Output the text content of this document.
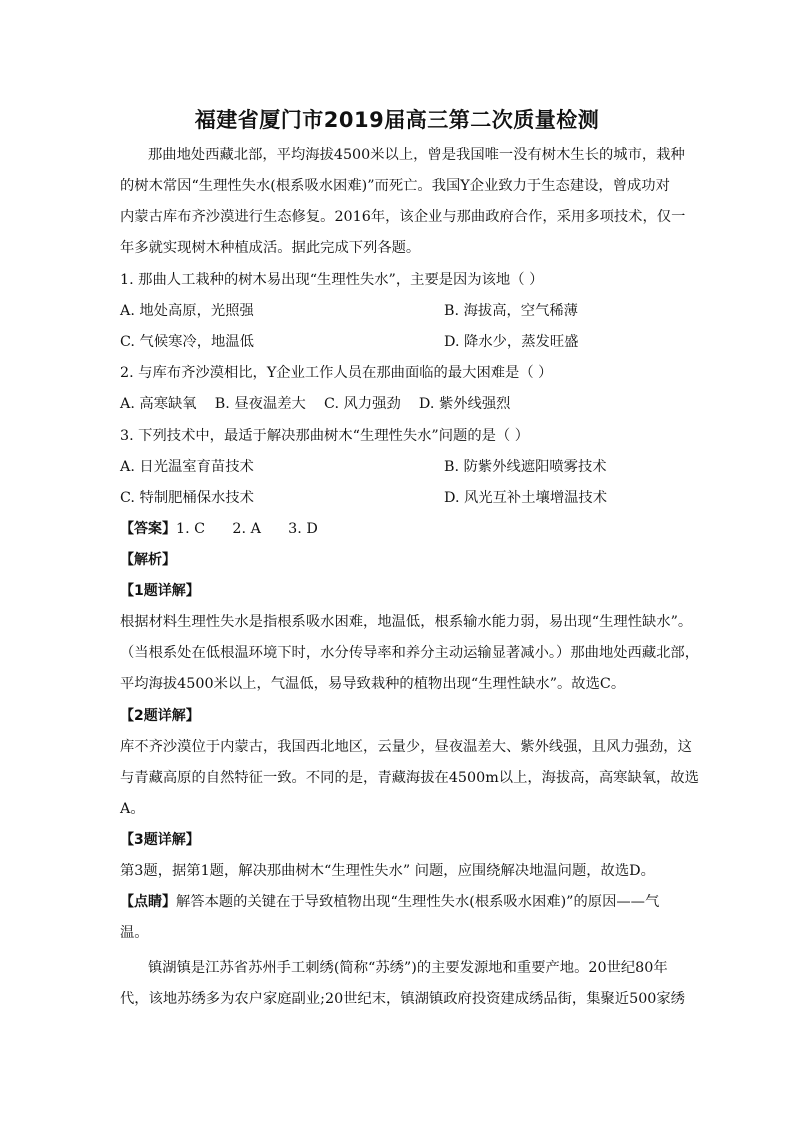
福建省厦门市2019届高三第二次质量检测
那曲地处西藏北部，平均海拔4500米以上，曾是我国唯一没有树木生长的城市，栽种
的树木常因“生理性失水(根系吸水困难)”而死亡。我国Y企业致力于生态建设，曾成功对
内蒙古库布齐沙漠进行生态修复。2016年，该企业与那曲政府合作，采用多项技术，仅一
年多就实现树木种植成活。据此完成下列各题。
1. 那曲人工栽种的树木易出现“生理性失水”，主要是因为该地（ ）
A. 地处高原，光照强	B. 海拔高，空气稀薄
C. 气候寒冷，地温低	D. 降水少，蒸发旺盛
2. 与库布齐沙漠相比，Y企业工作人员在那曲面临的最大困难是（ ）
A. 高寒缺氧    B. 昼夜温差大    C. 风力强劲    D. 紫外线强烈
3. 下列技术中，最适于解决那曲树木“生理性失水”问题的是（ ）
A. 日光温室育苗技术	B. 防紫外线遮阳喷雾技术
C. 特制肥桶保水技术	D. 风光互补土壤增温技术
【答案】1. C      2. A      3. D
【解析】
【1题详解】
根据材料生理性失水是指根系吸水困难，地温低，根系输水能力弱，易出现“生理性缺水”。
（当根系处在低根温环境下时，水分传导率和养分主动运输显著减小。）那曲地处西藏北部，
平均海拔4500米以上，气温低，易导致栽种的植物出现“生理性缺水”。故选C。
【2题详解】
库不齐沙漠位于内蒙古，我国西北地区，云量少，昼夜温差大、紫外线强，且风力强劲，这
与青藏高原的自然特征一致。不同的是，青藏海拔在4500m以上，海拔高，高寒缺氧，故选
A。
【3题详解】
第3题，据第1题，解决那曲树木“生理性失水” 问题，应围绕解决地温问题，故选D。
【点睛】解答本题的关键在于导致植物出现“生理性失水(根系吸水困难)”的原因——气
温。
镇湖镇是江苏省苏州手工刺绣(简称“苏绣”)的主要发源地和重要产地。20世纪80年
代，该地苏绣多为农户家庭副业;20世纪末，镇湖镇政府投资建成绣品街，集聚近500家绣
